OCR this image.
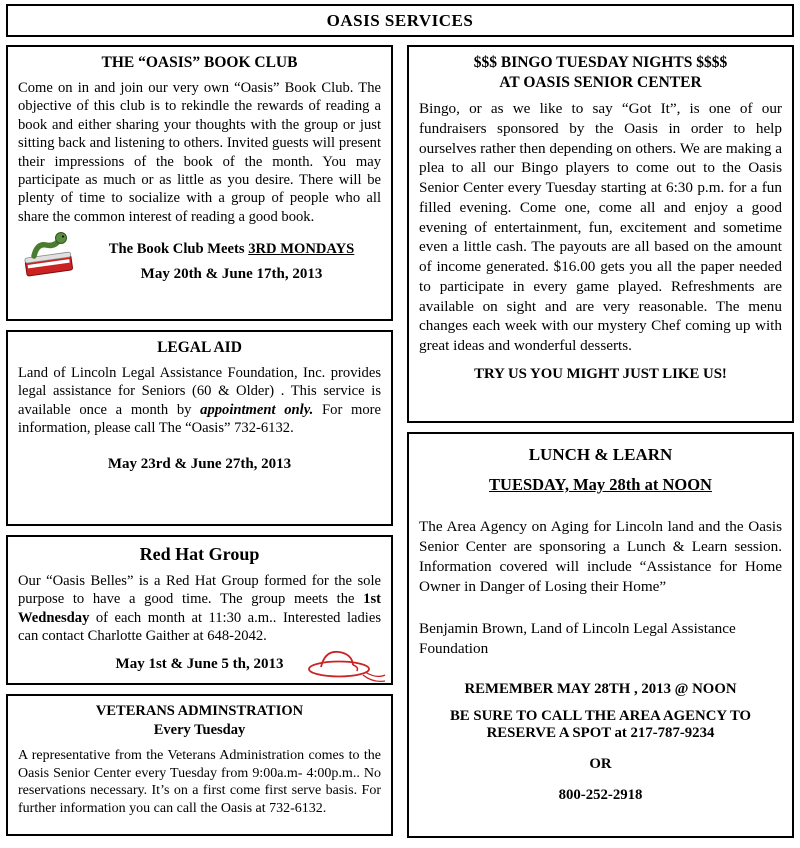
OASIS SERVICES
THE “OASIS” BOOK CLUB

Come on in and join our very own “Oasis” Book Club. The objective of this club is to rekindle the rewards of reading a book and either sharing your thoughts with the group or just sitting back and listening to others. Invited guests will present their impressions of the book of the month. You may participate as much or as little as you desire. There will be plenty of time to socialize with a group of people who all share the common interest of reading a good book.

The Book Club Meets 3RD MONDAYS

May 20th & June 17th, 2013

LEGAL AID

Land of Lincoln Legal Assistance Foundation, Inc. provides legal assistance for Seniors (60 & Older) . This service is available once a month by appointment only. For more information, please call The “Oasis” 732-6132.

May 23rd & June 27th, 2013

Red Hat Group

Our “Oasis Belles” is a Red Hat Group formed for the sole purpose to have a good time. The group meets the 1st Wednesday of each month at 11:30 a.m.. Interested ladies can contact Charlotte Gaither at 648-2042.

May 1st & June 5 th, 2013

VETERANS ADMINSTRATION

Every Tuesday

A representative from the Veterans Administration comes to the Oasis Senior Center every Tuesday from 9:00a.m- 4:00p.m.. No reservations necessary. It’s on a first come first serve basis. For further information you can call the Oasis at 732-6132.

$$$ BINGO TUESDAY NIGHTS $$$$
AT OASIS SENIOR CENTER

Bingo, or as we like to say “Got It”, is one of our fundraisers sponsored by the Oasis in order to help ourselves rather then depending on others. We are making a plea to all our Bingo players to come out to the Oasis Senior Center every Tuesday starting at 6:30 p.m. for a fun filled evening. Come one, come all and enjoy a good evening of entertainment, fun, excitement and sometime even a little cash. The payouts are all based on the amount of income generated. $16.00 gets you all the paper needed to participate in every game played. Refreshments are available on sight and are very reasonable. The menu changes each week with our mystery Chef coming up with great ideas and wonderful desserts.

TRY US YOU MIGHT JUST LIKE US!

LUNCH & LEARN

TUESDAY, May 28th at NOON

The Area Agency on Aging for Lincoln land and the Oasis Senior Center are sponsoring a Lunch & Learn session. Information covered will include “Assistance for Home Owner in Danger of Losing their Home”

Benjamin Brown, Land of Lincoln Legal Assistance Foundation

REMEMBER MAY 28TH , 2013 @ NOON

BE SURE TO CALL THE AREA AGENCY TO RESERVE A SPOT at 217-787-9234

OR

800-252-2918
